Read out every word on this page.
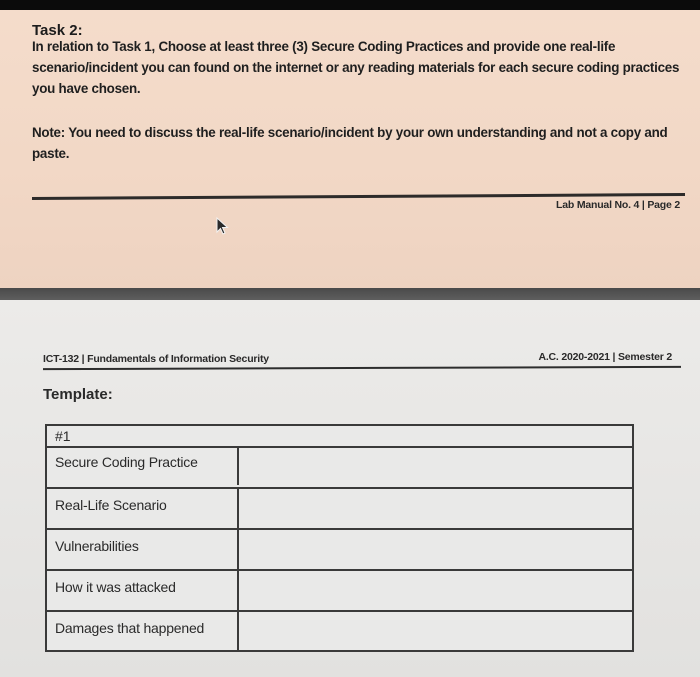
Task 2:
In relation to Task 1, Choose at least three (3) Secure Coding Practices and provide one real-life scenario/incident you can found on the internet or any reading materials for each secure coding practices you have chosen.
Note: You need to discuss the real-life scenario/incident by your own understanding and not a copy and paste.
Lab Manual No. 4 | Page 2
ICT-132 | Fundamentals of Information Security	A.C. 2020-2021 | Semester 2
Template:
#1
Secure Coding Practice
Real-Life Scenario
Vulnerabilities
How it was attacked
Damages that happened
